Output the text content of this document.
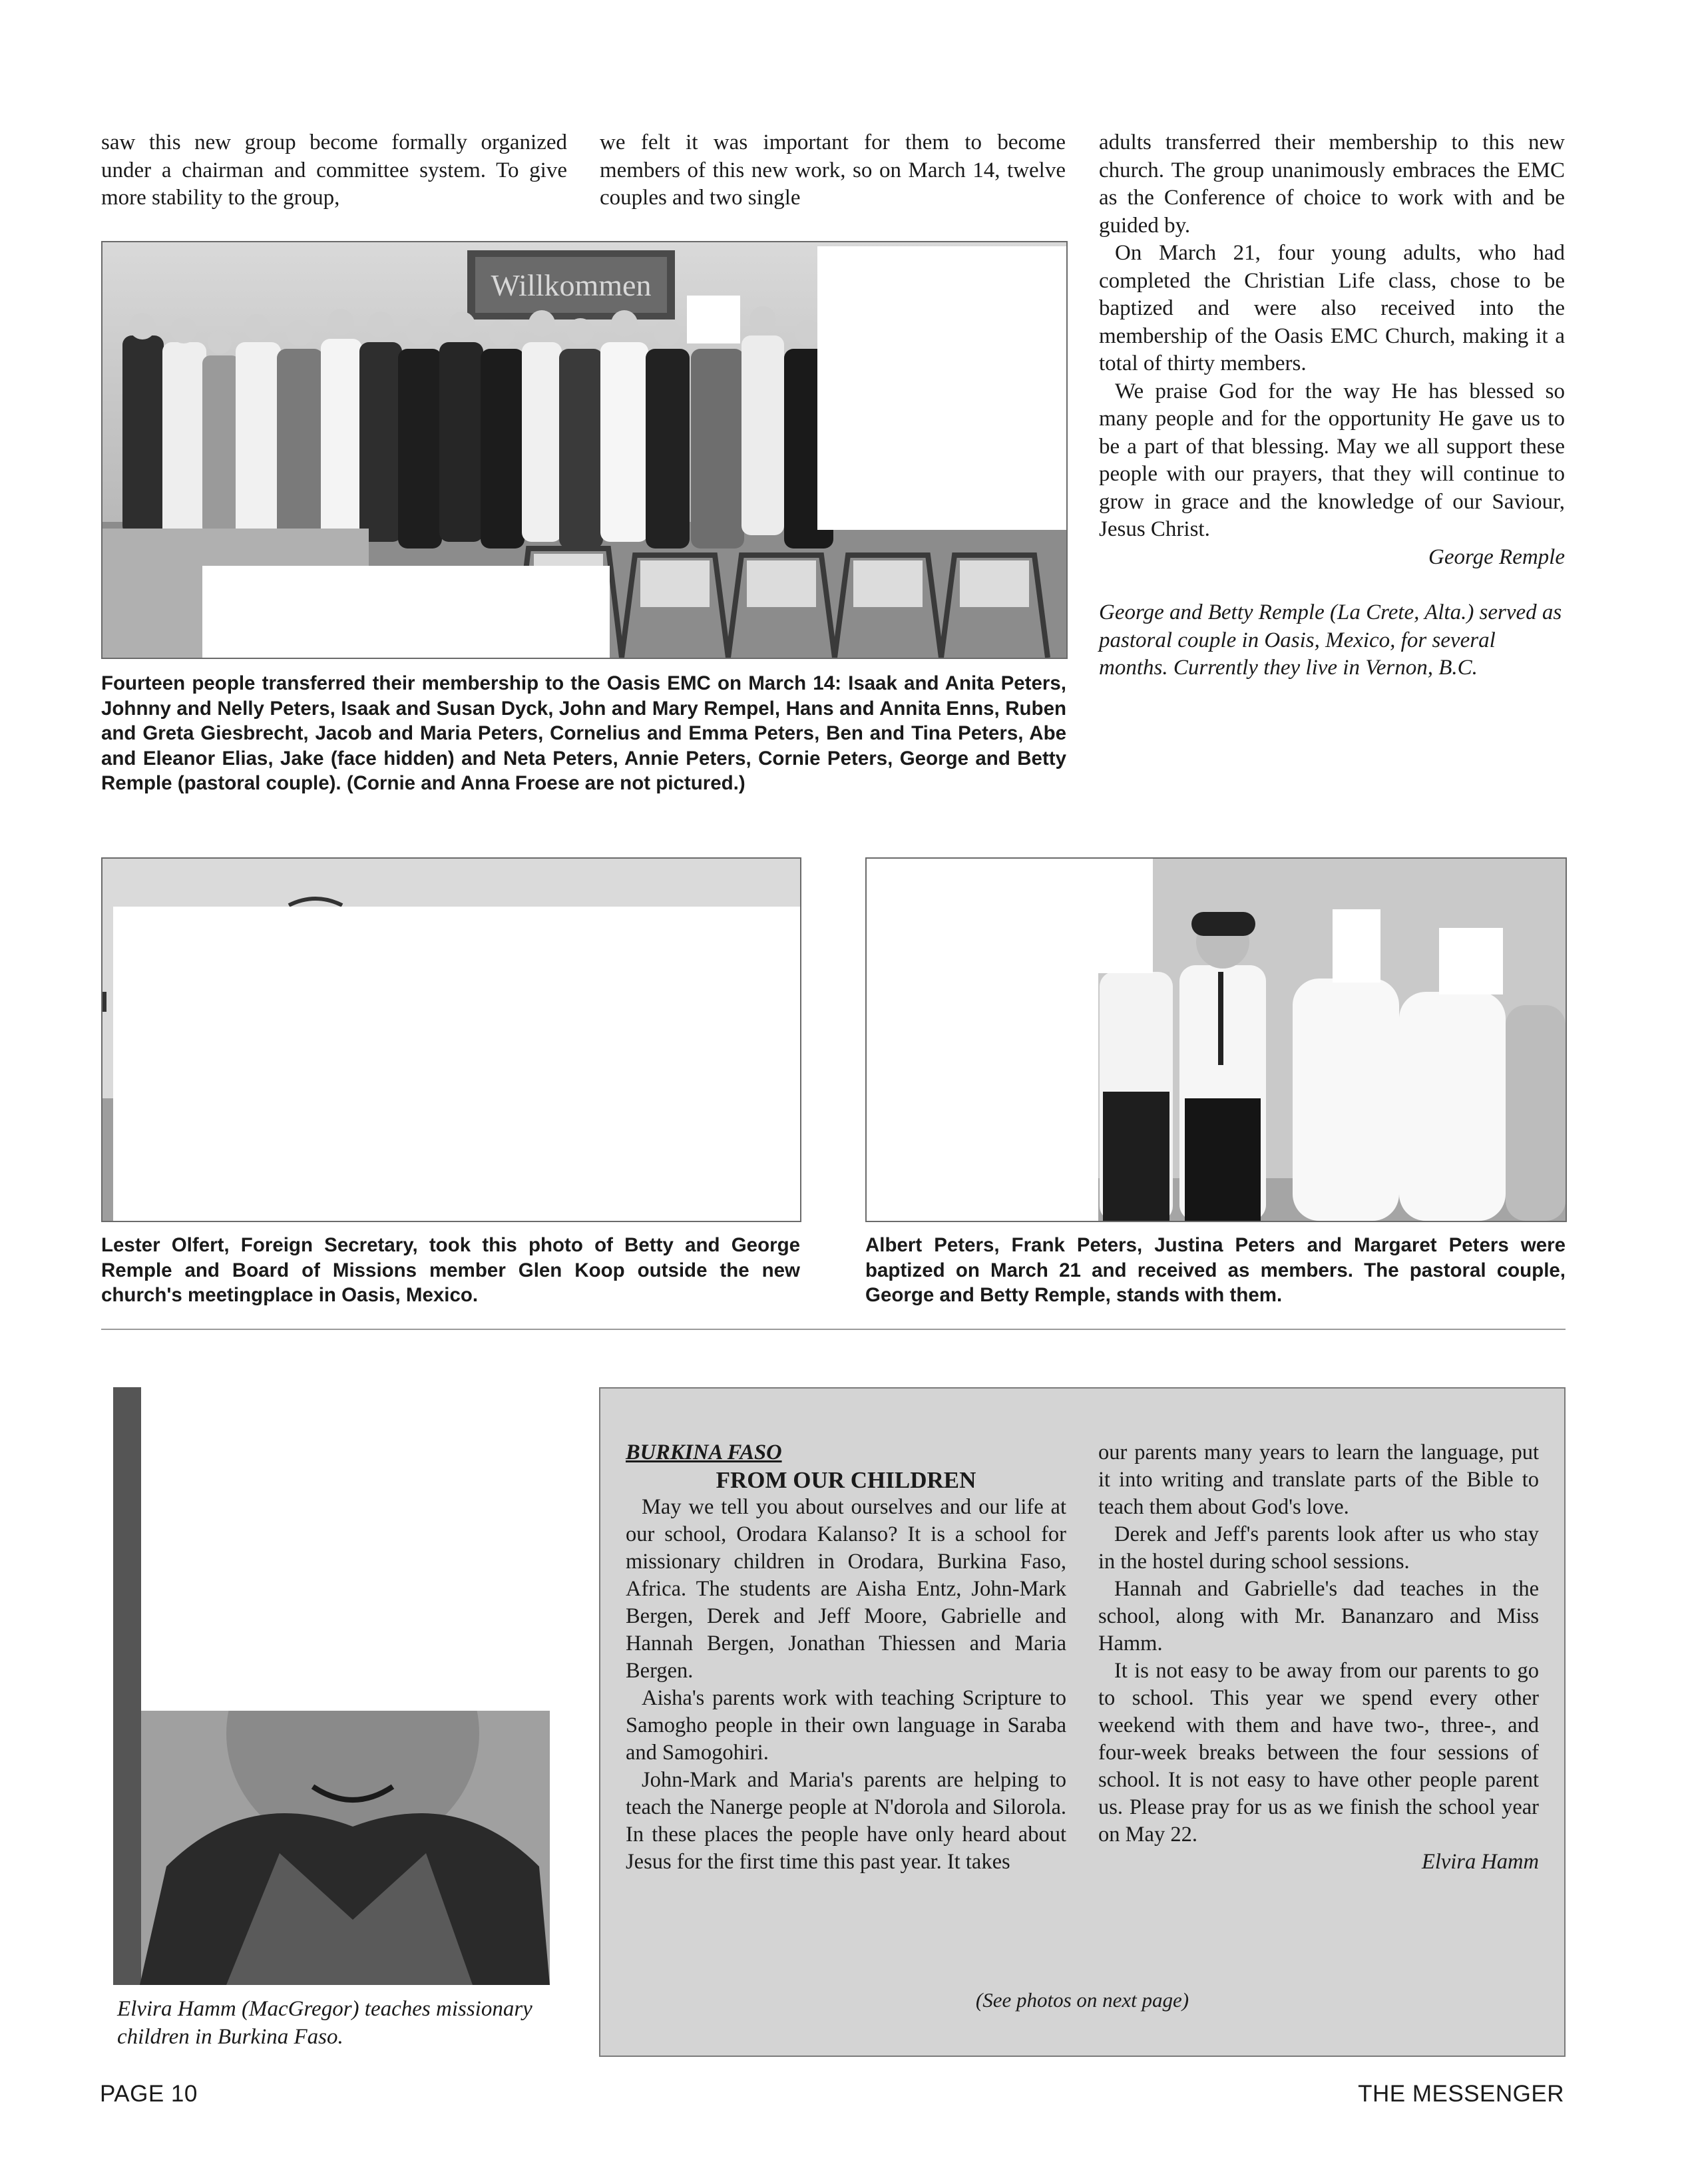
saw this new group become formally organized under a chairman and committee system. To give more stability to the group,

we felt it was important for them to become members of this new work, so on March 14, twelve couples and two single

adults transferred their membership to this new church. The group unanimously embraces the EMC as the Conference of choice to work with and be guided by.

On March 21, four young adults, who had completed the Christian Life class, chose to be baptized and were also received into the membership of the Oasis EMC Church, making it a total of thirty members.

We praise God for the way He has blessed so many people and for the opportunity He gave us to be a part of that blessing. May we all support these people with our prayers, that they will continue to grow in grace and the knowledge of our Saviour, Jesus Christ.

George Remple

George and Betty Remple (La Crete, Alta.) served as pastoral couple in Oasis, Mexico, for several months. Currently they live in Vernon, B.C.

Willkommen

Fourteen people transferred their membership to the Oasis EMC on March 14: Isaak and Anita Peters, Johnny and Nelly Peters, Isaak and Susan Dyck, John and Mary Rempel, Hans and Annita Enns, Ruben and Greta Giesbrecht, Jacob and Maria Peters, Cornelius and Emma Peters, Ben and Tina Peters, Abe and Eleanor Elias, Jake (face hidden) and Neta Peters, Annie Peters, Cornie Peters, George and Betty Remple (pastoral couple). (Cornie and Anna Froese are not pictured.)

Lester Olfert, Foreign Secretary, took this photo of Betty and George Remple and Board of Missions member Glen Koop outside the new church's meetingplace in Oasis, Mexico.

Albert Peters, Frank Peters, Justina Peters and Margaret Peters were baptized on March 21 and received as members. The pastoral couple, George and Betty Remple, stands with them.

Elvira Hamm (MacGregor) teaches missionary children in Burkina Faso.

BURKINA FASO

FROM OUR CHILDREN

May we tell you about ourselves and our life at our school, Orodara Kalanso? It is a school for missionary children in Orodara, Burkina Faso, Africa. The students are Aisha Entz, John-Mark Bergen, Derek and Jeff Moore, Gabrielle and Hannah Bergen, Jonathan Thiessen and Maria Bergen.

Aisha's parents work with teaching Scripture to Samogho people in their own language in Saraba and Samogohiri.

John-Mark and Maria's parents are helping to teach the Nanerge people at N'dorola and Silorola. In these places the people have only heard about Jesus for the first time this past year. It takes

our parents many years to learn the language, put it into writing and translate parts of the Bible to teach them about God's love.

Derek and Jeff's parents look after us who stay in the hostel during school sessions.

Hannah and Gabrielle's dad teaches in the school, along with Mr. Bananzaro and Miss Hamm.

It is not easy to be away from our parents to go to school. This year we spend every other weekend with them and have two-, three-, and four-week breaks between the four sessions of school. It is not easy to have other people parent us. Please pray for us as we finish the school year on May 22.

Elvira Hamm

(See photos on next page)

PAGE 10	THE MESSENGER
